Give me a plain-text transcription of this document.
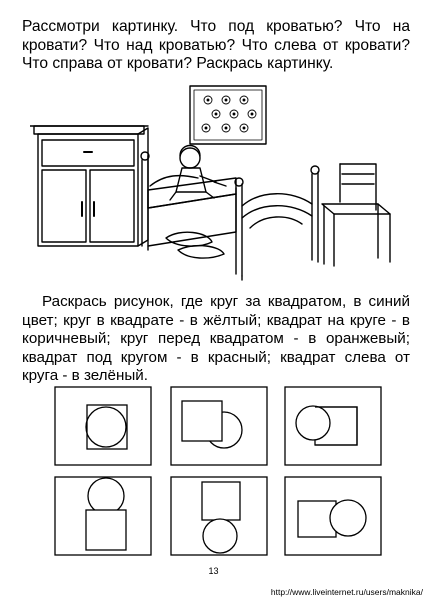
Рассмотри картинку. Что под кроватью? Что на кровати? Что над кроватью? Что слева от кровати? Что справа от кровати? Раскрась картинку.

Раскрась рисунок, где круг за квадратом, в синий цвет; круг в квадрате - в жёлтый; квадрат на круге - в коричневый; круг перед квадратом - в оранжевый; квадрат под кругом - в красный; квадрат слева от круга - в зелёный.

13
http://www.liveinternet.ru/users/maknika/
